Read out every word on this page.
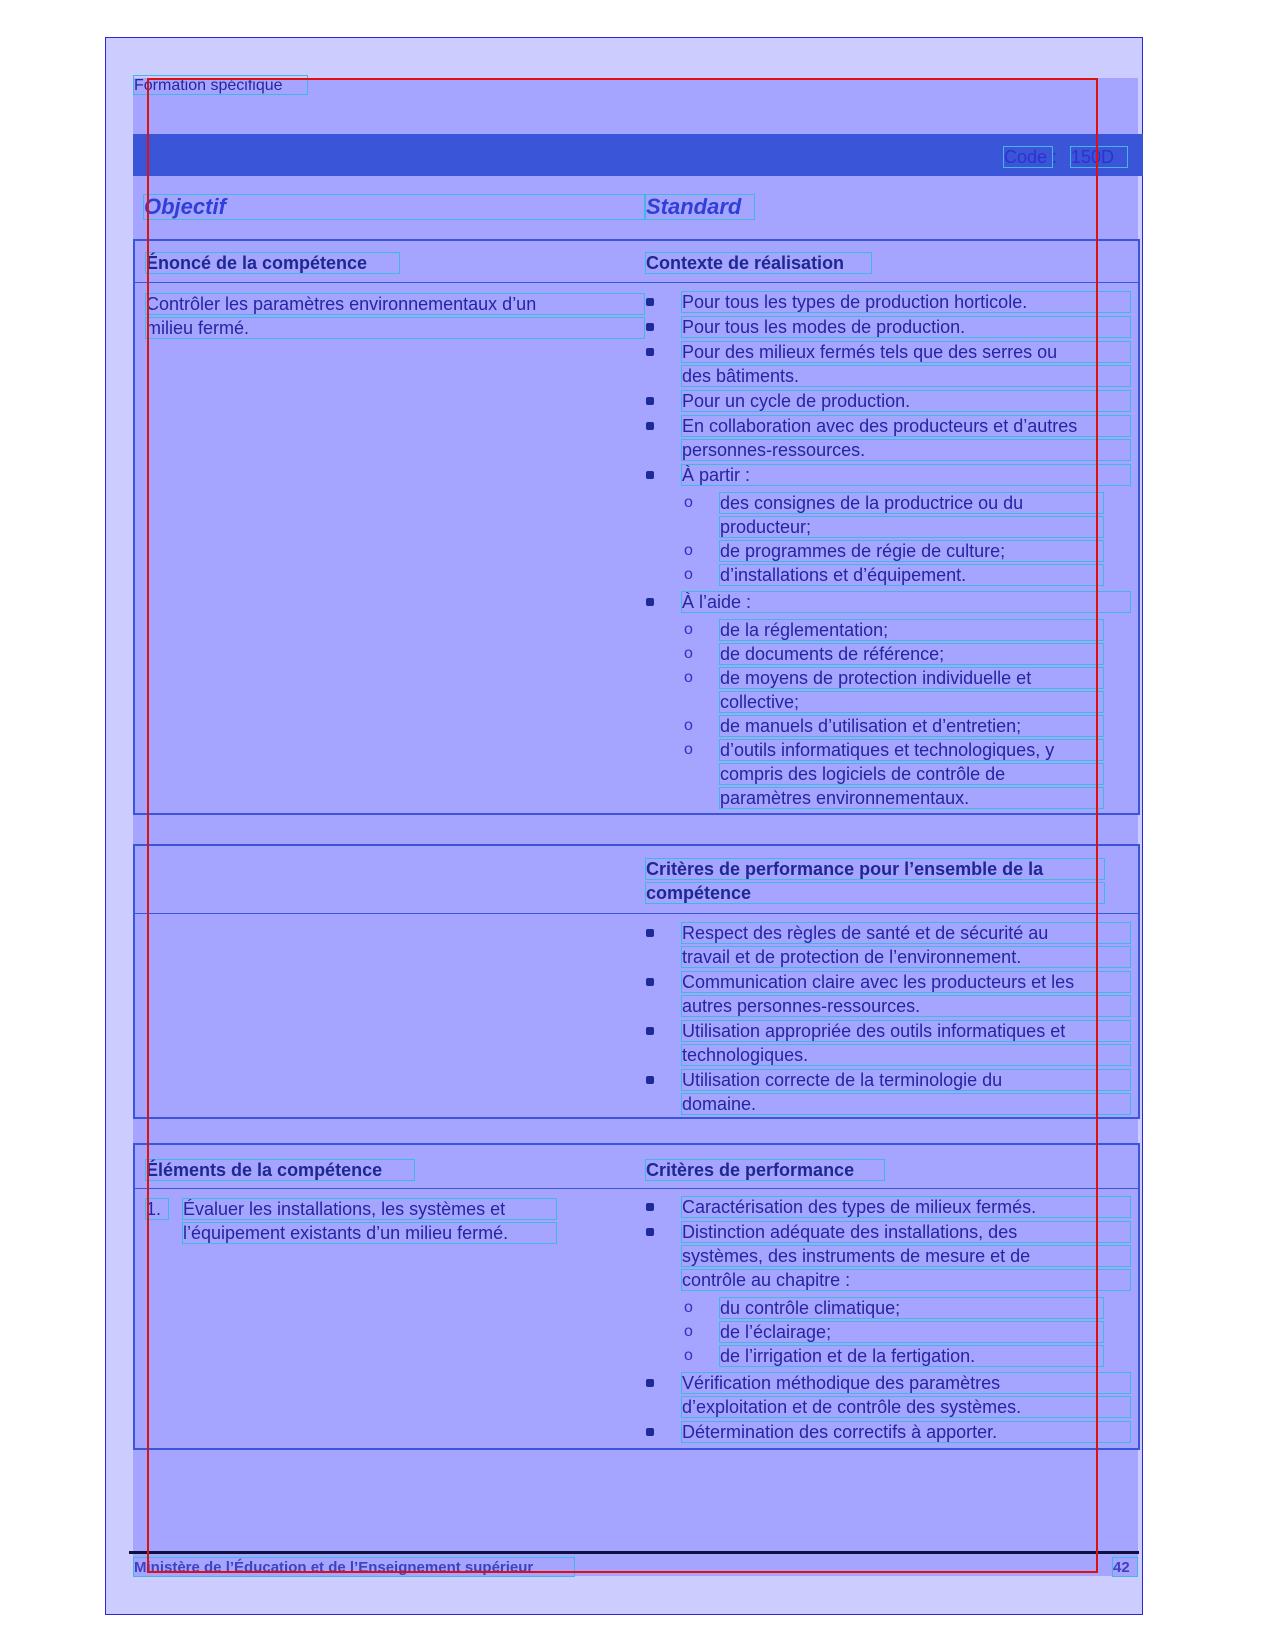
Formation spécifique
Code : 150D
Objectif	Standard
Énoncé de la compétence	Contexte de réalisation
Contrôler les paramètres environnementaux d’un
milieu fermé.
Pour tous les types de production horticole.
Pour tous les modes de production.
Pour des milieux fermés tels que des serres ou
des bâtiments.
Pour un cycle de production.
En collaboration avec des producteurs et d’autres
personnes-ressources.
À partir :
o des consignes de la productrice ou du
producteur;
o de programmes de régie de culture;
o d’installations et d’équipement.
À l’aide :
o de la réglementation;
o de documents de référence;
o de moyens de protection individuelle et
collective;
o de manuels d’utilisation et d’entretien;
o d’outils informatiques et technologiques, y
compris des logiciels de contrôle de
paramètres environnementaux.
Critères de performance pour l’ensemble de la
compétence
Respect des règles de santé et de sécurité au
travail et de protection de l’environnement.
Communication claire avec les producteurs et les
autres personnes-ressources.
Utilisation appropriée des outils informatiques et
technologiques.
Utilisation correcte de la terminologie du
domaine.
Éléments de la compétence	Critères de performance
1.	Évaluer les installations, les systèmes et
l’équipement existants d’un milieu fermé.
Caractérisation des types de milieux fermés.
Distinction adéquate des installations, des
systèmes, des instruments de mesure et de
contrôle au chapitre :
o du contrôle climatique;
o de l’éclairage;
o de l’irrigation et de la fertigation.
Vérification méthodique des paramètres
d’exploitation et de contrôle des systèmes.
Détermination des correctifs à apporter.
Ministère de l’Éducation et de l’Enseignement supérieur	42
